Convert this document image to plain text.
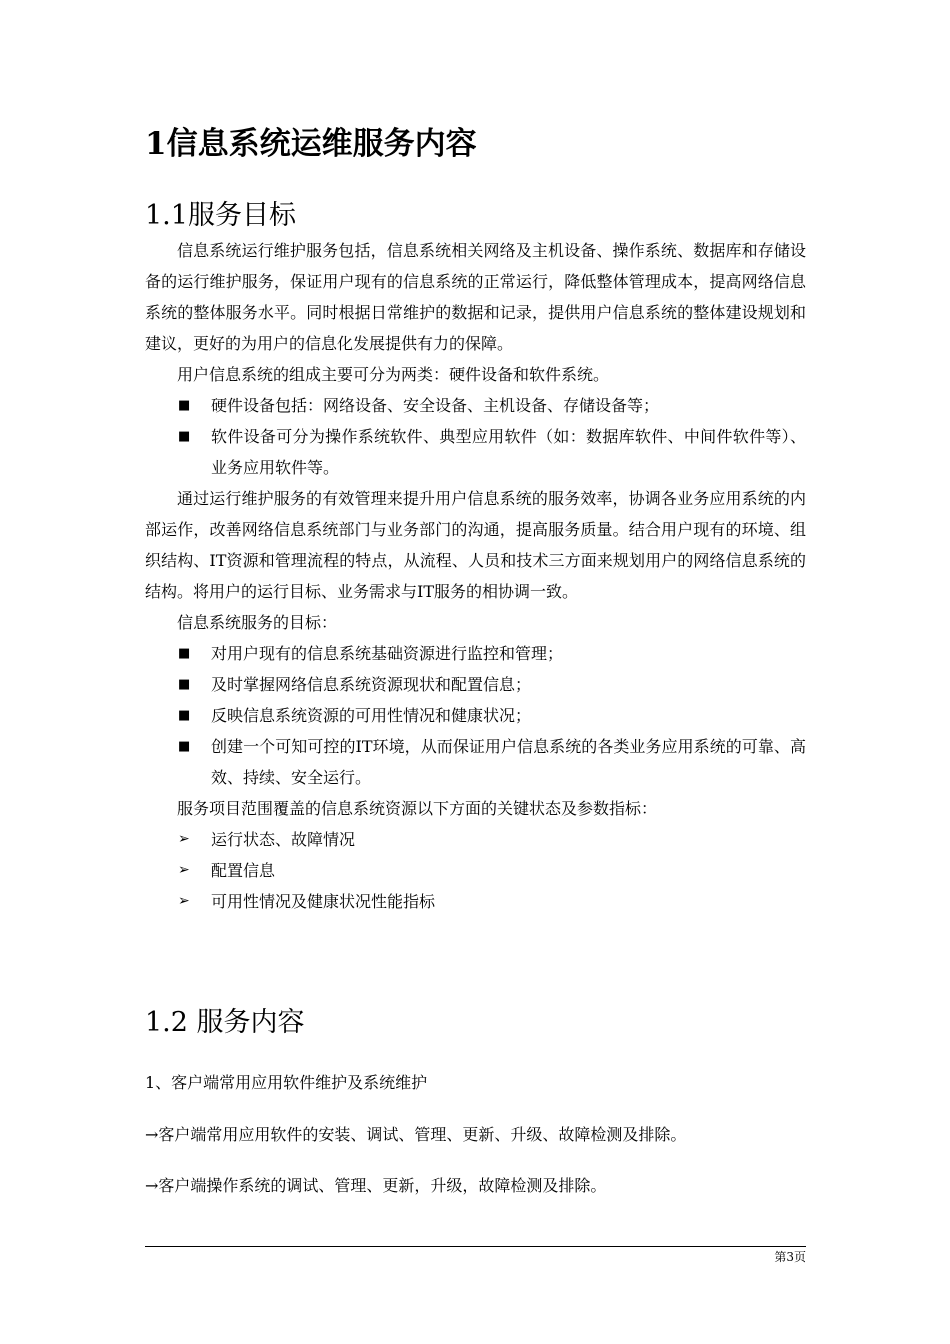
1信息系统运维服务内容
1.1服务目标

信息系统运行维护服务包括，信息系统相关网络及主机设备、操作系统、数据库和存储设备的运行维护服务，保证用户现有的信息系统的正常运行，降低整体管理成本，提高网络信息系统的整体服务水平。同时根据日常维护的数据和记录，提供用户信息系统的整体建设规划和建议，更好的为用户的信息化发展提供有力的保障。

用户信息系统的组成主要可分为两类：硬件设备和软件系统。

■	硬件设备包括：网络设备、安全设备、主机设备、存储设备等；
■	软件设备可分为操作系统软件、典型应用软件（如：数据库软件、中间件软件等）、业务应用软件等。

通过运行维护服务的有效管理来提升用户信息系统的服务效率，协调各业务应用系统的内部运作，改善网络信息系统部门与业务部门的沟通，提高服务质量。结合用户现有的环境、组织结构、IT资源和管理流程的特点，从流程、人员和技术三方面来规划用户的网络信息系统的结构。将用户的运行目标、业务需求与IT服务的相协调一致。

信息系统服务的目标：

■	对用户现有的信息系统基础资源进行监控和管理；
■	及时掌握网络信息系统资源现状和配置信息；
■	反映信息系统资源的可用性情况和健康状况；
■	创建一个可知可控的IT环境，从而保证用户信息系统的各类业务应用系统的可靠、高效、持续、安全运行。

服务项目范围覆盖的信息系统资源以下方面的关键状态及参数指标：

➢	运行状态、故障情况
➢	配置信息
➢	可用性情况及健康状况性能指标
1.2 服务内容
1、客户端常用应用软件维护及系统维护
→客户端常用应用软件的安装、调试、管理、更新、升级、故障检测及排除。
→客户端操作系统的调试、管理、更新，升级，故障检测及排除。
第3页
